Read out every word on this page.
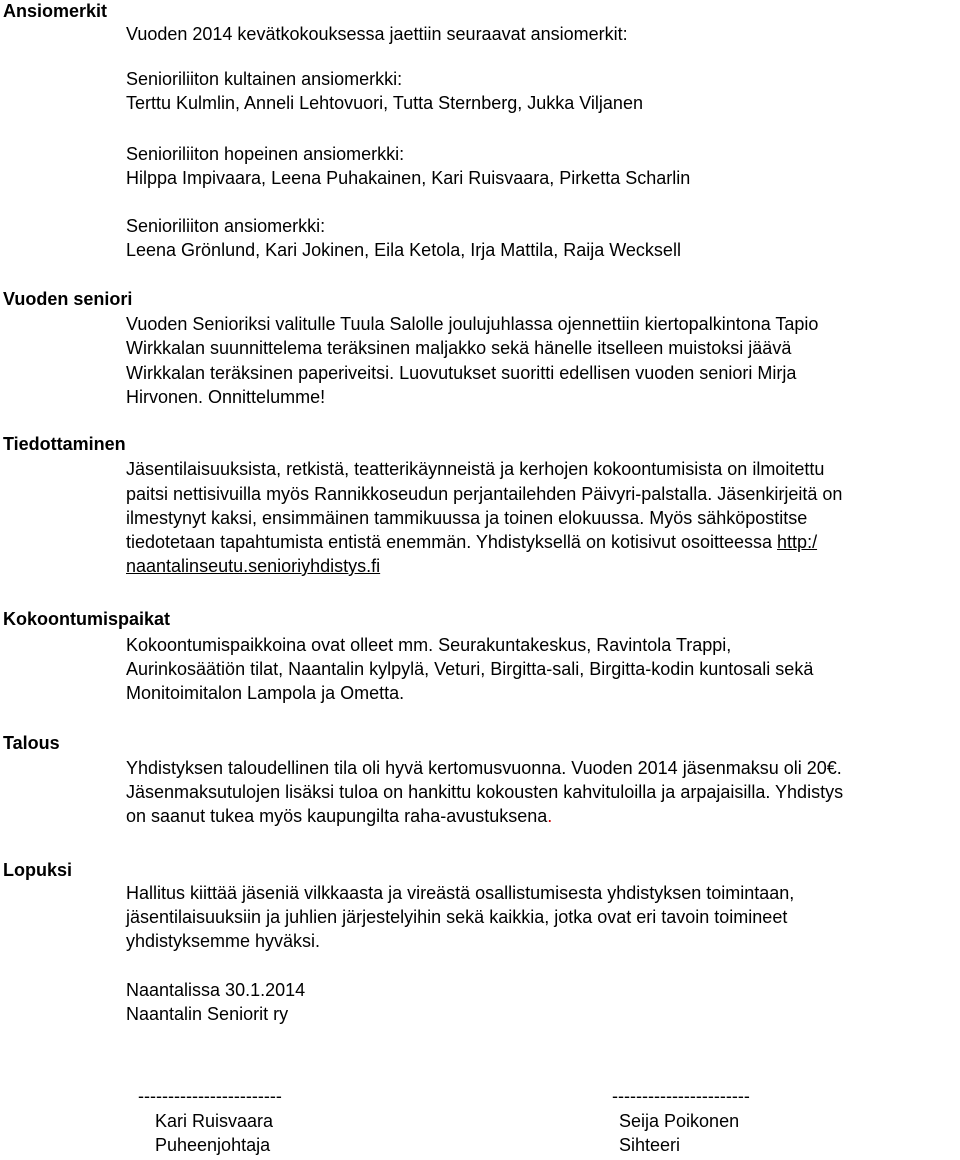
Ansiomerkit
Vuoden 2014 kevätkokouksessa jaettiin seuraavat ansiomerkit:
Senioriliiton kultainen ansiomerkki:
Terttu Kulmlin, Anneli Lehtovuori, Tutta Sternberg, Jukka Viljanen
Senioriliiton hopeinen ansiomerkki:
Hilppa Impivaara, Leena Puhakainen, Kari Ruisvaara, Pirketta Scharlin
Senioriliiton ansiomerkki:
Leena Grönlund, Kari Jokinen, Eila Ketola, Irja Mattila, Raija Wecksell
Vuoden seniori
Vuoden Senioriksi valitulle Tuula Salolle joulujuhlassa ojennettiin kiertopalkintona Tapio
Wirkkalan suunnittelema teräksinen maljakko sekä hänelle itselleen muistoksi jäävä
Wirkkalan teräksinen paperiveitsi. Luovutukset suoritti edellisen vuoden seniori Mirja
Hirvonen. Onnittelumme!
Tiedottaminen
Jäsentilaisuuksista, retkistä, teatterikäynneistä ja kerhojen kokoontumisista on ilmoitettu
paitsi nettisivuilla myös Rannikkoseudun perjantailehden Päivyri-palstalla. Jäsenkirjeitä on
ilmestynyt kaksi, ensimmäinen tammikuussa ja toinen elokuussa. Myös sähköpostitse
tiedotetaan tapahtumista entistä enemmän. Yhdistyksellä on kotisivut osoitteessa http:/
naantalinseutu.senioriyhdistys.fi
Kokoontumispaikat
Kokoontumispaikkoina ovat olleet mm. Seurakuntakeskus, Ravintola Trappi,
Aurinkosäätiön tilat, Naantalin kylpylä, Veturi, Birgitta-sali, Birgitta-kodin kuntosali sekä
Monitoimitalon Lampola ja Ometta.
Talous
Yhdistyksen taloudellinen tila oli hyvä kertomusvuonna. Vuoden 2014 jäsenmaksu oli 20€.
Jäsenmaksutulojen lisäksi tuloa on hankittu kokousten kahvituloilla ja arpajaisilla. Yhdistys
on saanut tukea myös kaupungilta raha-avustuksena.
Lopuksi
Hallitus kiittää jäseniä vilkkaasta ja vireästä osallistumisesta yhdistyksen toimintaan,
jäsentilaisuuksiin ja juhlien järjestelyihin sekä kaikkia, jotka ovat eri tavoin toimineet
yhdistyksemme hyväksi.
Naantalissa 30.1.2014
Naantalin Seniorit ry
------------------------
Kari Ruisvaara
Puheenjohtaja
-----------------------
Seija Poikonen
Sihteeri
